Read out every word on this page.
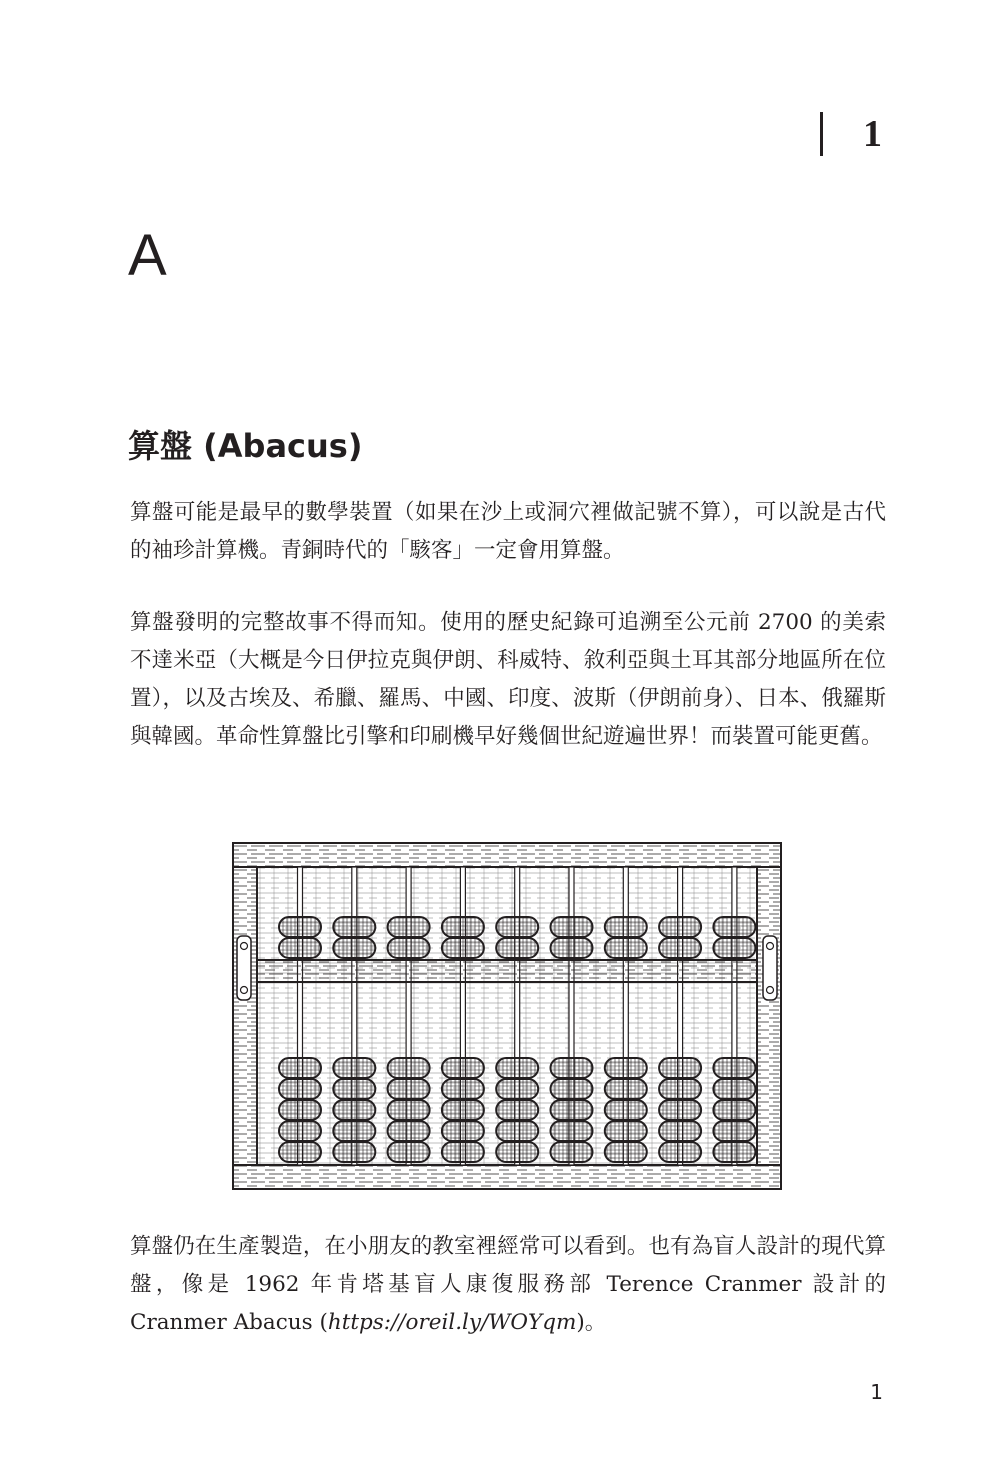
1
A
算盤 (Abacus)

算盤可能是最早的數學裝置（如果在沙上或洞穴裡做記號不算），可以說是古代的袖珍計算機。青銅時代的「駭客」一定會用算盤。

算盤發明的完整故事不得而知。使用的歷史紀錄可追溯至公元前 2700 的美索不達米亞（大概是今日伊拉克與伊朗、科威特、敘利亞與土耳其部分地區所在位置），以及古埃及、希臘、羅馬、中國、印度、波斯（伊朗前身）、日本、俄羅斯與韓國。革命性算盤比引擎和印刷機早好幾個世紀遊遍世界！而裝置可能更舊。

算盤仍在生產製造，在小朋友的教室裡經常可以看到。也有為盲人設計的現代算盤，像是 1962 年肯塔基盲人康復服務部 Terence Cranmer 設計的 Cranmer Abacus (https://oreil.ly/WOYqm)。

1
